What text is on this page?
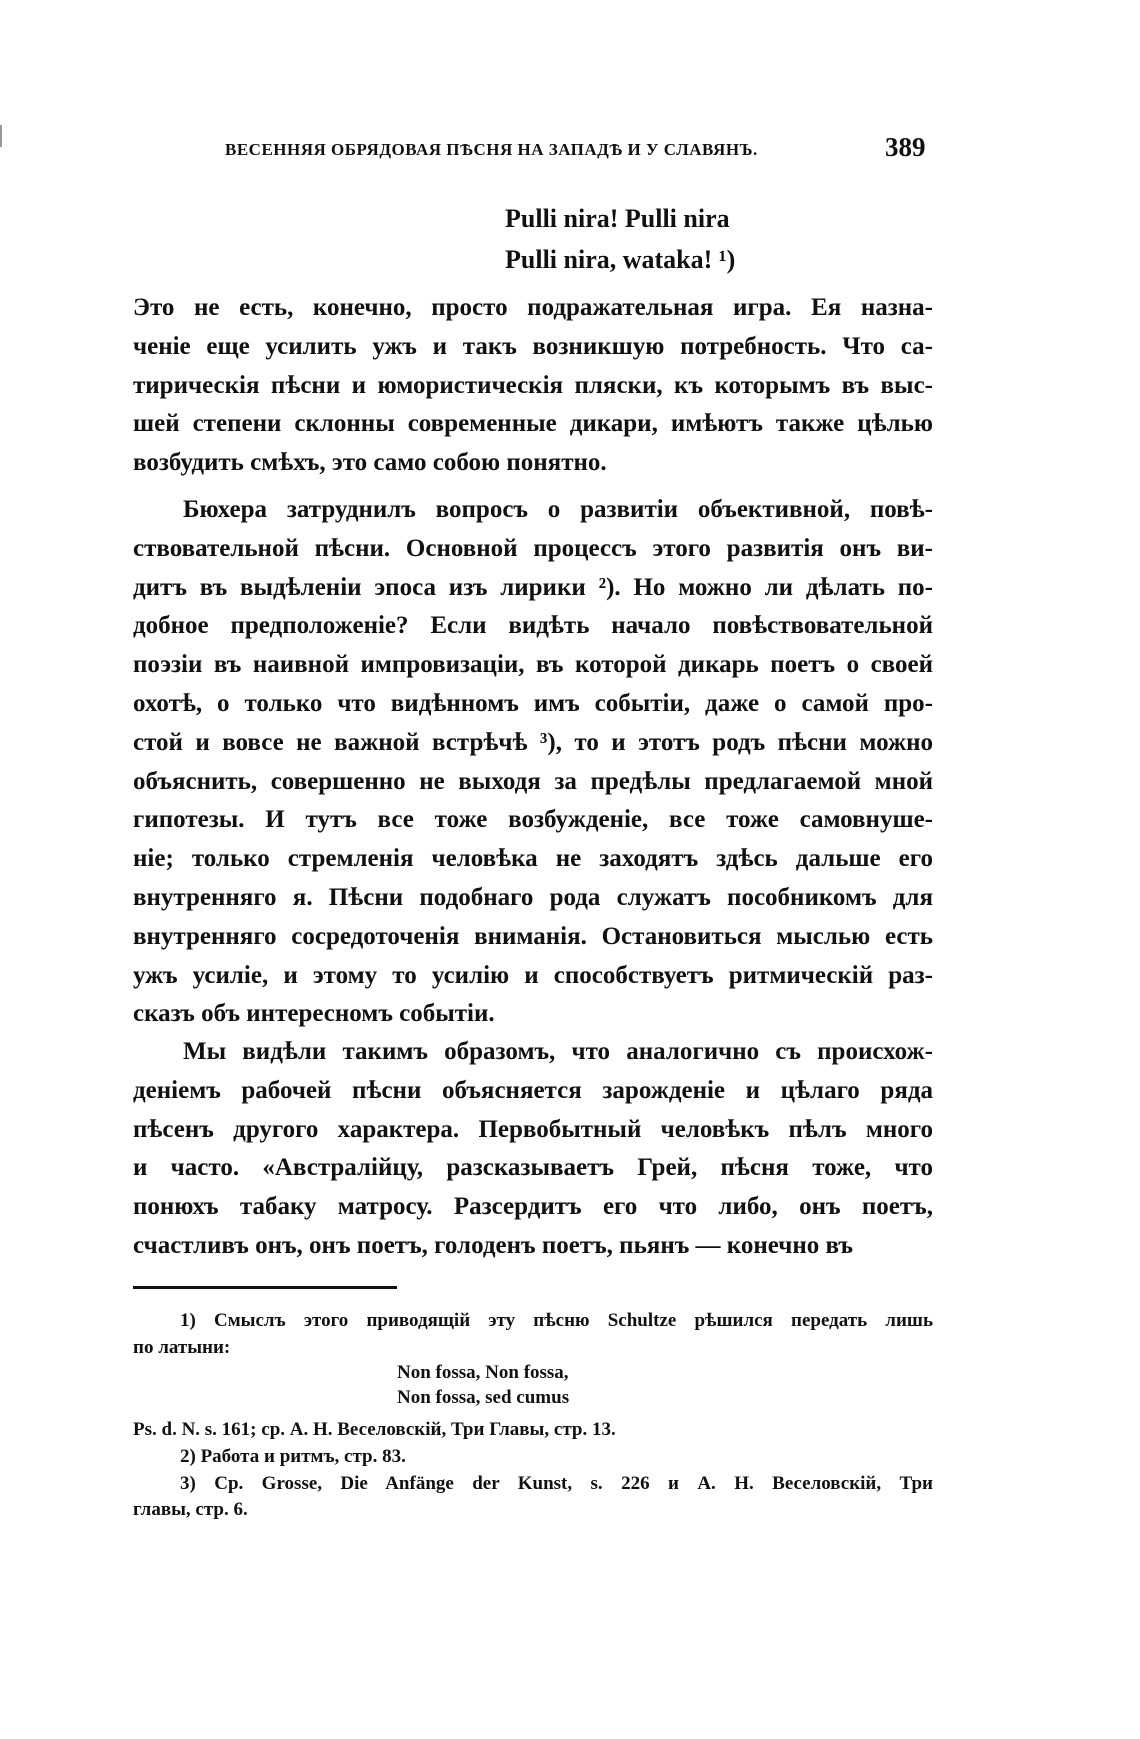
ВЕСЕННЯЯ ОБРЯДОВАЯ ПѢСНЯ НА ЗАПАДѢ И У СЛАВЯНЪ.	389
Pulli nira! Pulli nira
Pulli nira, wataka! ¹)
Это не есть, конечно, просто подражательная игра. Ея назна-
ченіе еще усилить ужъ и такъ возникшую потребность. Что са-
тирическія пѣсни и юмористическія пляски, къ которымъ въ выс-
шей степени склонны современные дикари, имѣютъ также цѣлью
возбудить смѣхъ, это само собою понятно.
Бюхера затруднилъ вопросъ о развитіи объективной, повѣ-
ствовательной пѣсни. Основной процессъ этого развитія онъ ви-
дитъ въ выдѣленіи эпоса изъ лирики ²). Но можно ли дѣлать по-
добное предположеніе? Если видѣть начало повѣствовательной
поэзіи въ наивной импровизаціи, въ которой дикарь поетъ о своей
охотѣ, о только что видѣнномъ имъ событіи, даже о самой про-
стой и вовсе не важной встрѣчѣ ³), то и этотъ родъ пѣсни можно
объяснить, совершенно не выходя за предѣлы предлагаемой мной
гипотезы. И тутъ все тоже возбужденіе, все тоже самовнуше-
ніе; только стремленія человѣка не заходятъ здѣсь дальше его
внутренняго я. Пѣсни подобнаго рода служатъ пособникомъ для
внутренняго сосредоточенія вниманія. Остановиться мыслью есть
ужъ усиліе, и этому то усилію и способствуетъ ритмическій раз-
сказъ объ интересномъ событіи.
Мы видѣли такимъ образомъ, что аналогично съ происхож-
деніемъ рабочей пѣсни объясняется зарожденіе и цѣлаго ряда
пѣсенъ другого характера. Первобытный человѣкъ пѣлъ много
и часто. «Австралійцу, разсказываетъ Грей, пѣсня тоже, что
понюхъ табаку матросу. Разсердитъ его что либо, онъ поетъ,
счастливъ онъ, онъ поетъ, голоденъ поетъ, пьянъ — конечно въ
1) Смыслъ этого приводящій эту пѣсню Schultze рѣшился передать лишь
по латыни:
Non fossa, Non fossa,
Non fossa, sed cumus
Ps. d. N. s. 161; ср. А. Н. Веселовскій, Три Главы, стр. 13.
2) Работа и ритмъ, стр. 83.
3) Ср. Grosse, Die Anfänge der Kunst, s. 226 и А. Н. Веселовскій, Три
главы, стр. 6.
